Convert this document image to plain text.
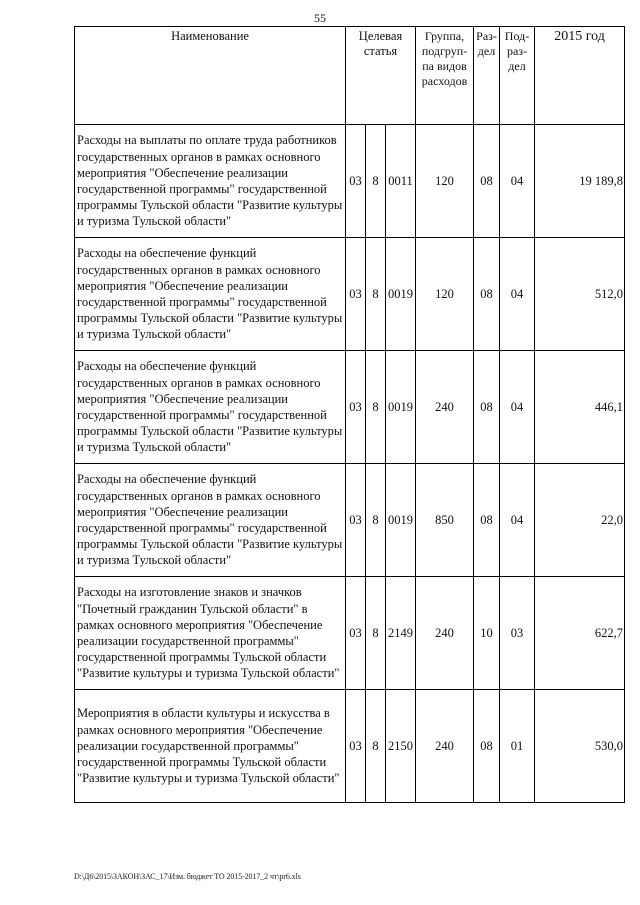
55
Наименование	Целевая статья			Группа, подгруп-па видов расходов	Раз-дел	Под-раз-дел	2015 год
Расходы на выплаты по оплате труда работников государственных органов в рамках основного мероприятия "Обеспечение реализации государственной программы" государственной программы Тульской области "Развитие культуры и туризма Тульской области"	03	8	0011	120	08	04	19 189,8
Расходы на обеспечение функций государственных органов в рамках основного мероприятия "Обеспечение реализации государственной программы" государственной программы Тульской области "Развитие культуры и туризма Тульской области"	03	8	0019	120	08	04	512,0
Расходы на обеспечение функций государственных органов в рамках основного мероприятия "Обеспечение реализации государственной программы" государственной программы Тульской области "Развитие культуры и туризма Тульской области"	03	8	0019	240	08	04	446,1
Расходы на обеспечение функций государственных органов в рамках основного мероприятия "Обеспечение реализации государственной программы" государственной программы Тульской области "Развитие культуры и туризма Тульской области"	03	8	0019	850	08	04	22,0
Расходы на изготовление знаков и значков "Почетный гражданин Тульской области" в рамках основного мероприятия "Обеспечение реализации государственной программы" государственной программы Тульской области "Развитие культуры и туризма Тульской области"	03	8	2149	240	10	03	622,7
Мероприятия в области культуры и искусства в рамках основного мероприятия "Обеспечение реализации государственной программы" государственной программы Тульской области "Развитие культуры и туризма Тульской области"	03	8	2150	240	08	01	530,0
D:\Д6\2015\ЗАКОН\ЗАС_17\Изм. бюджет ТО 2015-2017_2 чт\pr6.xls
